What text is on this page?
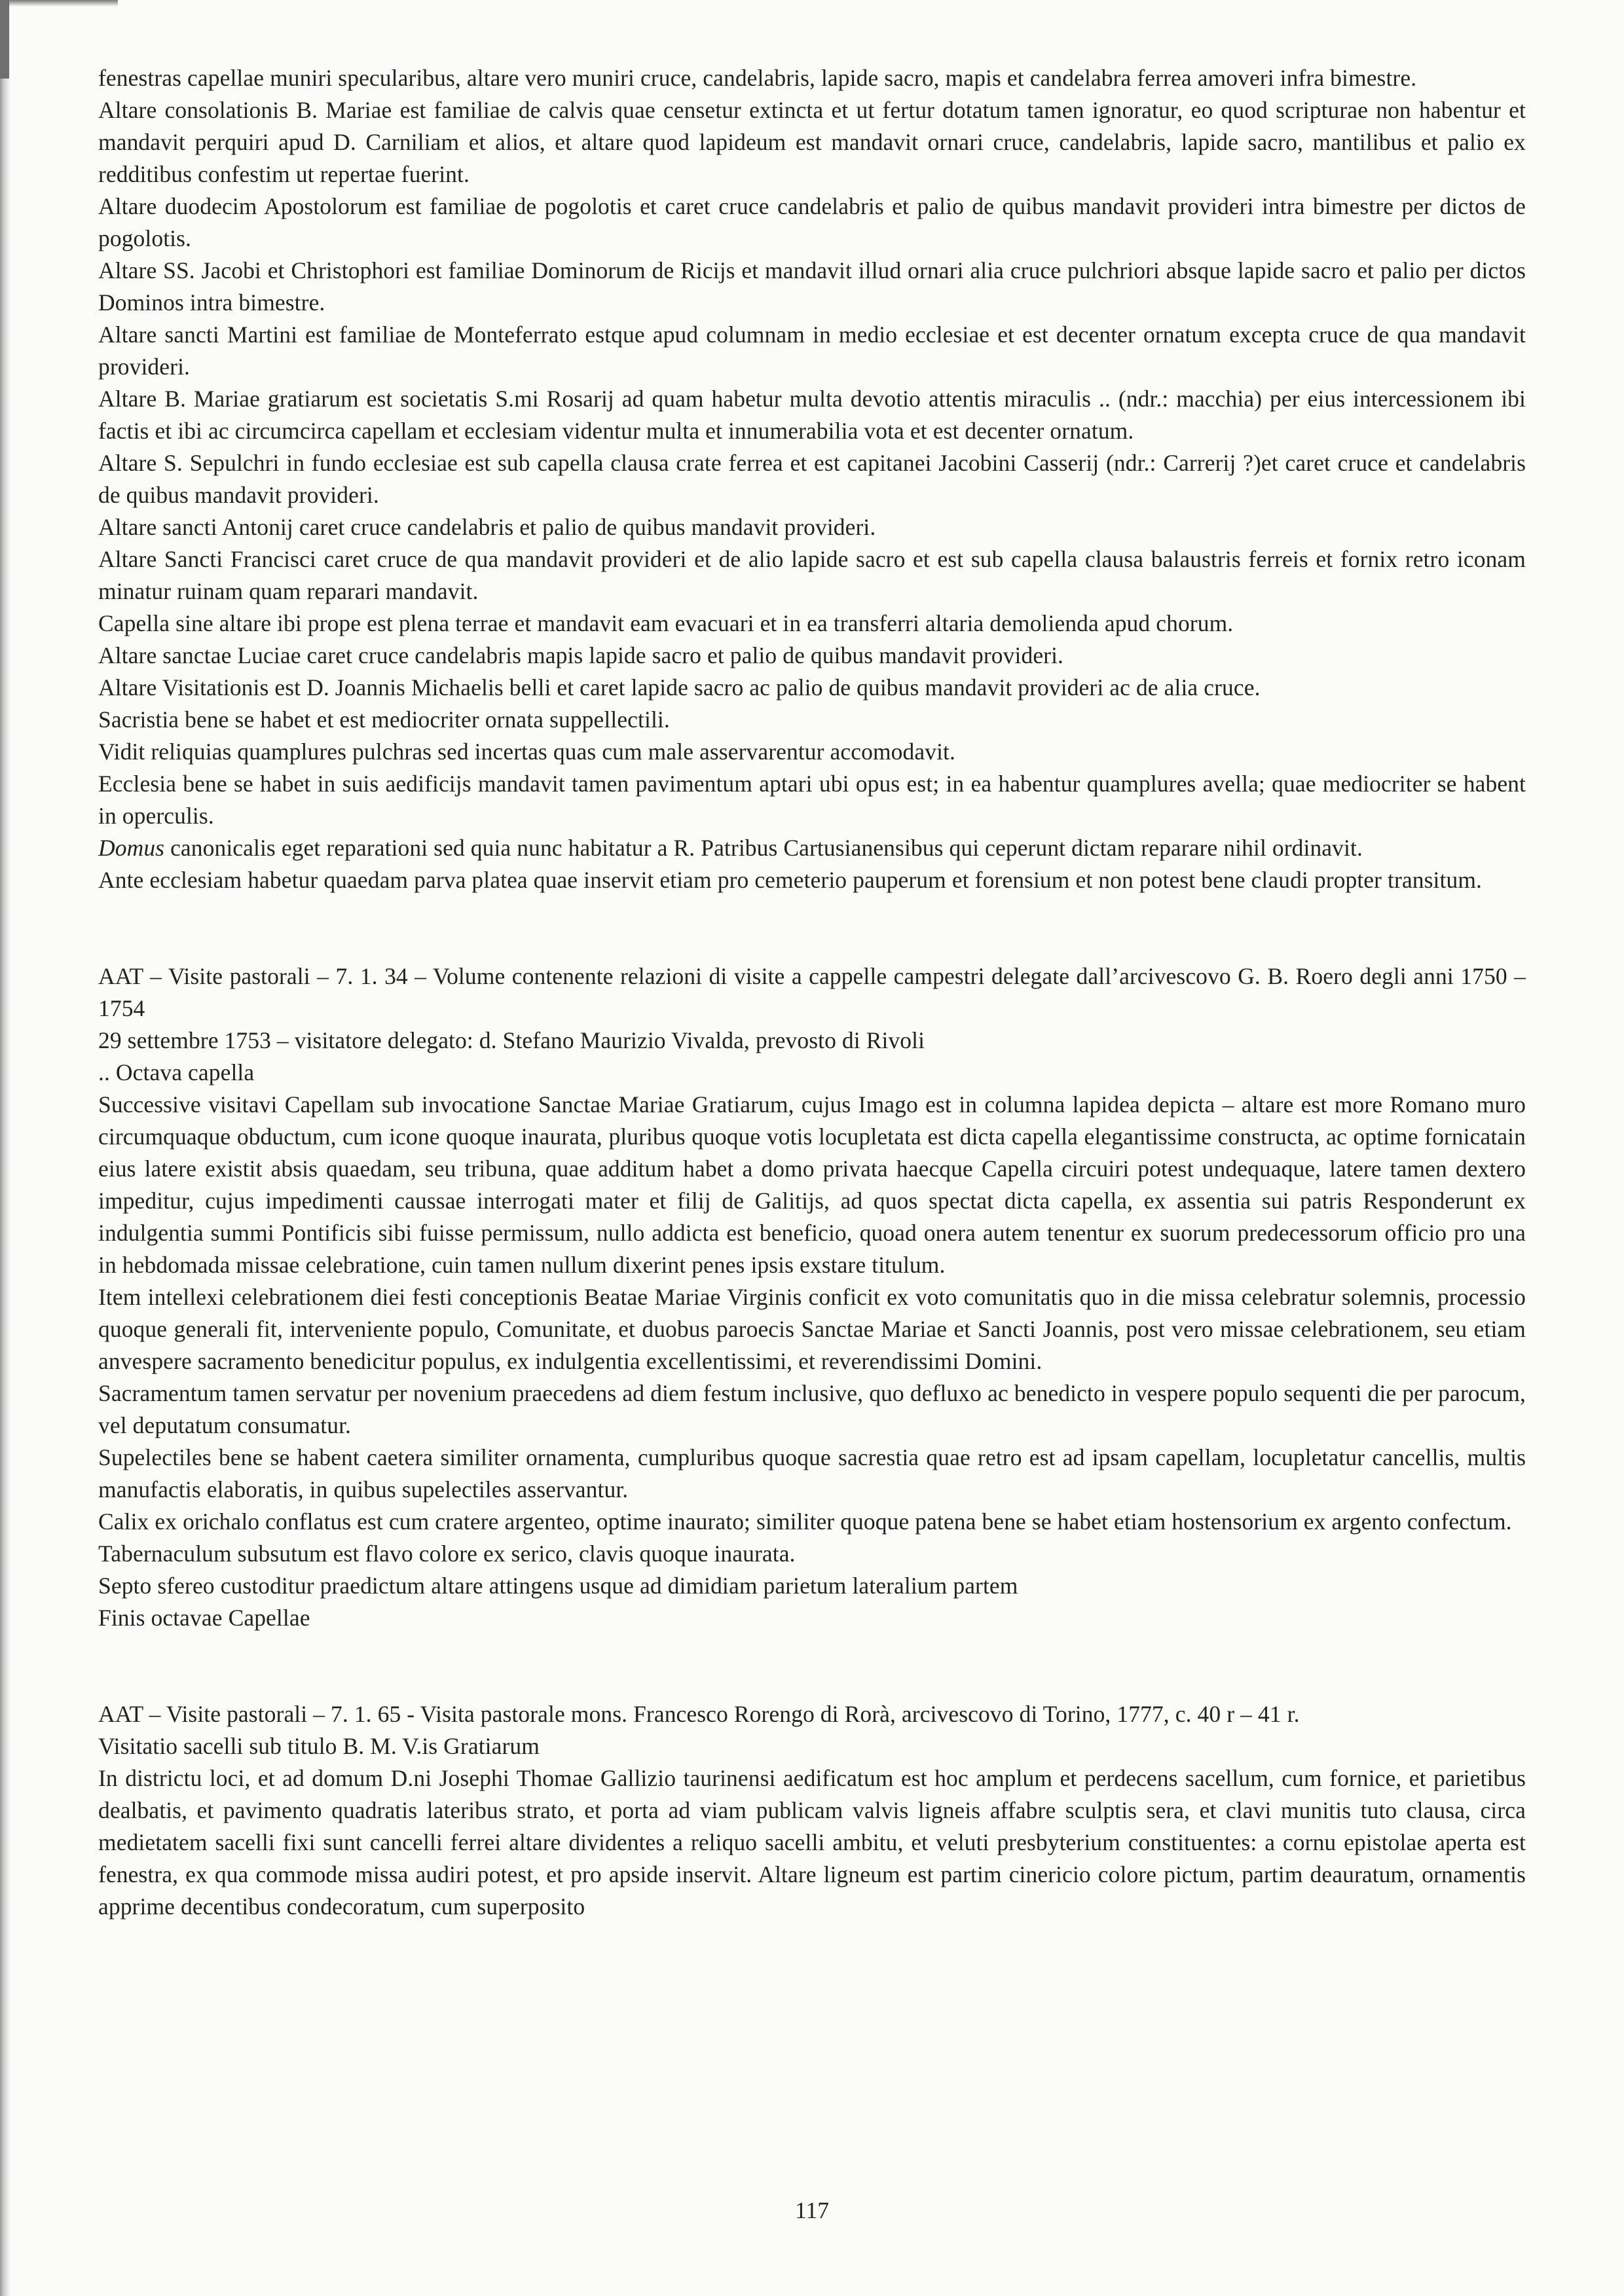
fenestras capellae muniri specularibus, altare vero muniri cruce, candelabris, lapide sacro, mapis et candelabra ferrea amoveri infra bimestre.

Altare consolationis B. Mariae est familiae de calvis quae censetur extincta et ut fertur dotatum tamen ignoratur, eo quod scripturae non habentur et mandavit perquiri apud D. Carniliam et alios, et altare quod lapideum est mandavit ornari cruce, candelabris, lapide sacro, mantilibus et palio ex redditibus confestim ut repertae fuerint.

Altare duodecim Apostolorum est familiae de pogolotis et caret cruce candelabris et palio de quibus mandavit provideri intra bimestre per dictos de pogolotis.

Altare SS. Jacobi et Christophori est familiae Dominorum de Ricijs et mandavit illud ornari alia cruce pulchriori absque lapide sacro et palio per dictos Dominos intra bimestre.

Altare sancti Martini est familiae de Monteferrato estque apud columnam in medio ecclesiae et est decenter ornatum excepta cruce de qua mandavit provideri.

Altare B. Mariae gratiarum est societatis S.mi Rosarij ad quam habetur multa devotio attentis miraculis .. (ndr.: macchia) per eius intercessionem ibi factis et ibi ac circumcirca capellam et ecclesiam videntur multa et innumerabilia vota et est decenter ornatum.

Altare S. Sepulchri in fundo ecclesiae est sub capella clausa crate ferrea et est capitanei Jacobini Casserij (ndr.: Carrerij ?)et caret cruce et candelabris de quibus mandavit provideri.

Altare sancti Antonij caret cruce candelabris et palio de quibus mandavit provideri.

Altare Sancti Francisci caret cruce de qua mandavit provideri et de alio lapide sacro et est sub capella clausa balaustris ferreis et fornix retro iconam minatur ruinam quam reparari mandavit.

Capella sine altare ibi prope est plena terrae et mandavit eam evacuari et in ea transferri altaria demolienda apud chorum.

Altare sanctae Luciae caret cruce candelabris mapis lapide sacro et palio de quibus mandavit provideri.

Altare Visitationis est D. Joannis Michaelis belli et caret lapide sacro ac palio de quibus mandavit provideri ac de alia cruce.

Sacristia bene se habet et est mediocriter ornata suppellectili.

Vidit reliquias quamplures pulchras sed incertas quas cum male asservarentur accomodavit.

Ecclesia bene se habet in suis aedificijs mandavit tamen pavimentum aptari ubi opus est; in ea habentur quamplures avella; quae mediocriter se habent in operculis.

Domus canonicalis eget reparationi sed quia nunc habitatur a R. Patribus Cartusianensibus qui ceperunt dictam reparare nihil ordinavit.

Ante ecclesiam habetur quaedam parva platea quae inservit etiam pro cemeterio pauperum et forensium et non potest bene claudi propter transitum.

AAT – Visite pastorali – 7. 1. 34 – Volume contenente relazioni di visite a cappelle campestri delegate dall’arcivescovo G. B. Roero degli anni 1750 – 1754

29 settembre 1753 – visitatore delegato: d. Stefano Maurizio Vivalda, prevosto di Rivoli

.. Octava capella

Successive visitavi Capellam sub invocatione Sanctae Mariae Gratiarum, cujus Imago est in columna lapidea depicta – altare est more Romano muro circumquaque obductum, cum icone quoque inaurata, pluribus quoque votis locupletata est dicta capella elegantissime constructa, ac optime fornicatain eius latere existit absis quaedam, seu tribuna, quae additum habet a domo privata haecque Capella circuiri potest undequaque, latere tamen dextero impeditur, cujus impedimenti caussae interrogati mater et filij de Galitijs, ad quos spectat dicta capella, ex assentia sui patris Responderunt ex indulgentia summi Pontificis sibi fuisse permissum, nullo addicta est beneficio, quoad onera autem tenentur ex suorum predecessorum officio pro una in hebdomada missae celebratione, cuin tamen nullum dixerint penes ipsis exstare titulum.

Item intellexi celebrationem diei festi conceptionis Beatae Mariae Virginis conficit ex voto comunitatis quo in die missa celebratur solemnis, processio quoque generali fit, interveniente populo, Comunitate, et duobus paroecis Sanctae Mariae et Sancti Joannis, post vero missae celebrationem, seu etiam anvespere sacramento benedicitur populus, ex indulgentia excellentissimi, et reverendissimi Domini.

Sacramentum tamen servatur per novenium praecedens ad diem festum inclusive, quo defluxo ac benedicto in vespere populo sequenti die per parocum, vel deputatum consumatur.

Supelectiles bene se habent caetera similiter ornamenta, cumpluribus quoque sacrestia quae retro est ad ipsam capellam, locupletatur cancellis, multis manufactis elaboratis, in quibus supelectiles asservantur.

Calix ex orichalo conflatus est cum cratere argenteo, optime inaurato; similiter quoque patena bene se habet etiam hostensorium ex argento confectum.

Tabernaculum subsutum est flavo colore ex serico, clavis quoque inaurata.

Septo sfereo custoditur praedictum altare attingens usque ad dimidiam parietum lateralium partem

Finis octavae Capellae

AAT – Visite pastorali – 7. 1. 65 - Visita pastorale mons. Francesco Rorengo di Rorà, arcivescovo di Torino, 1777, c. 40 r – 41 r.

Visitatio sacelli sub titulo B. M. V.is Gratiarum

In districtu loci, et ad domum D.ni Josephi Thomae Gallizio taurinensi aedificatum est hoc amplum et perdecens sacellum, cum fornice, et parietibus dealbatis, et pavimento quadratis lateribus strato, et porta ad viam publicam valvis ligneis affabre sculptis sera, et clavi munitis tuto clausa, circa medietatem sacelli fixi sunt cancelli ferrei altare dividentes a reliquo sacelli ambitu, et veluti presbyterium constituentes: a cornu epistolae aperta est fenestra, ex qua commode missa audiri potest, et pro apside inservit. Altare ligneum est partim cinericio colore pictum, partim deauratum, ornamentis apprime decentibus condecoratum, cum superposito

117
